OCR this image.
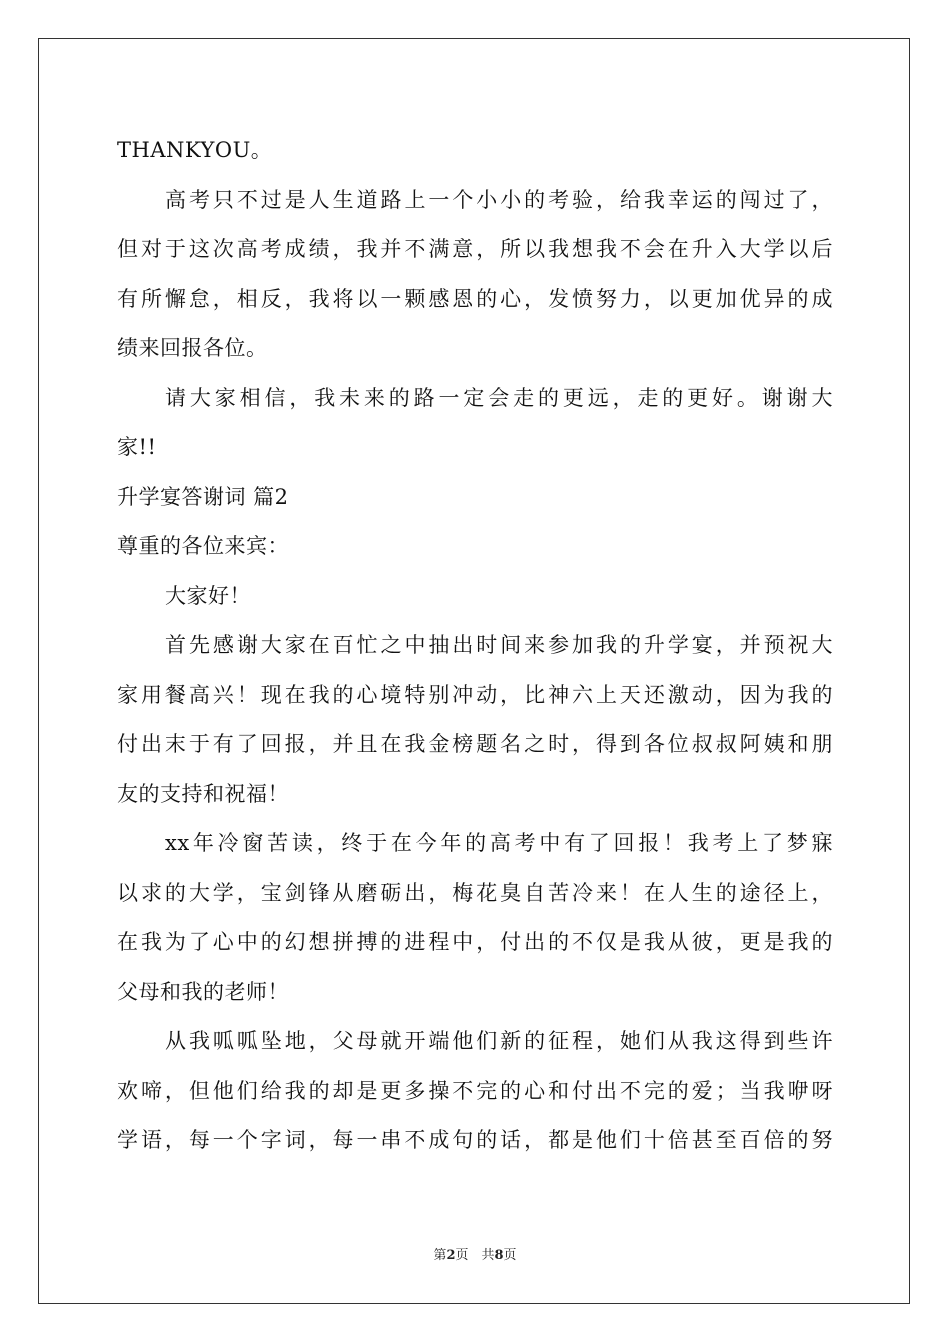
THANKYOU。
高考只不过是人生道路上一个小小的考验，给我幸运的闯过了，
但对于这次高考成绩，我并不满意，所以我想我不会在升入大学以后
有所懈怠，相反，我将以一颗感恩的心，发愤努力，以更加优异的成
绩来回报各位。
请大家相信，我未来的路一定会走的更远，走的更好。谢谢大
家!!
升学宴答谢词 篇2
尊重的各位来宾：
大家好！
首先感谢大家在百忙之中抽出时间来参加我的升学宴，并预祝大
家用餐高兴！现在我的心境特别冲动，比神六上天还激动，因为我的
付出末于有了回报，并且在我金榜题名之时，得到各位叔叔阿姨和朋
友的支持和祝福！
xx年冷窗苦读，终于在今年的高考中有了回报！我考上了梦寐
以求的大学，宝剑锋从磨砺出，梅花臭自苦冷来！在人生的途径上，
在我为了心中的幻想拼搏的进程中，付出的不仅是我从彼，更是我的
父母和我的老师！
从我呱呱坠地，父母就开端他们新的征程，她们从我这得到些许
欢啼，但他们给我的却是更多操不完的心和付出不完的爱；当我咿呀
学语，每一个字词，每一串不成句的话，都是他们十倍甚至百倍的努
第2页　共8页
